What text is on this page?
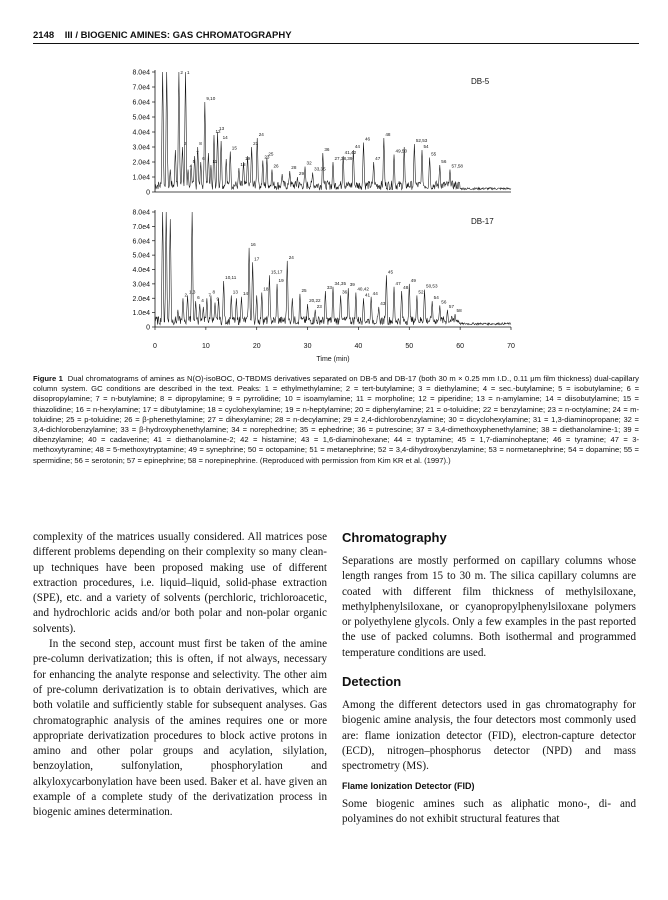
2148 III / BIOGENIC AMINES: GAS CHROMATOGRAPHY
0
1.0e4
2.0e4
3.0e4
4.0e4
5.0e4
6.0e4
7.0e4
8.0e4
DB-5
2
3
1
4
5
7
8
6
9,10
11
12
13
14
15
18
19
21
24
23
25
26	28
29
32
33,35
36
27,38,39
41,42
44
46
47
48
49,50
52,53
54
55
56
57,58
0
1.0e4
2.0e4
3.0e4
4.0e4
5.0e4
6.0e4
7.0e4
8.0e4
DB-17
2
1,3
6
4
7
8
9
10,11
13 14
16
17
18
15,17
19
24
25
20,22
23
33
34,35
36
39
40,42
41 44
43
45
47
48
49
52
50,53
54
56
57
58
0	10	20	30	40	50	60	70
Time (min)
Figure 1 Dual chromatograms of amines as N(O)-isoBOC, O-TBDMS derivatives separated on DB-5 and DB-17 (both 30 m × 0.25 mm I.D., 0.11 μm film thickness) dual-capillary column system. GC conditions are described in the text. Peaks: 1 = ethylmethylamine; 2 = tert-butylamine; 3 = diethylamine; 4 = sec.-butylamine; 5 = isobutylamine; 6 = diisopropylamine; 7 = n-butylamine; 8 = dipropylamine; 9 = pyrrolidine; 10 = isoamylamine; 11 = morpholine; 12 = piperidine; 13 = n-amylamine; 14 = diisobutylamine; 15 = thiazolidine; 16 = n-hexylamine; 17 = dibutylamine; 18 = cyclohexylamine; 19 = n-heptylamine; 20 = diphenylamine; 21 = o-toluidine; 22 = benzylamine; 23 = n-octylamine; 24 = m-toluidine; 25 = p-toluidine; 26 = β-phenethylamine; 27 = dihexylamine; 28 = n-decylamine; 29 = 2,4-dichlorobenzylamine; 30 = dicyclohexylamine; 31 = 1,3-diaminopropane; 32 = 3,4-dichlorobenzylamine; 33 = β-hydroxyphenethylamine; 34 = norephedrine; 35 = ephedrine; 36 = putrescine; 37 = 3,4-dimethoxyphenethylamine; 38 = diethanolamine-1; 39 = dibenzylamine; 40 = cadaverine; 41 = diethanolamine-2; 42 = histamine; 43 = 1,6-diaminohexane; 44 = tryptamine; 45 = 1,7-diaminoheptane; 46 = tyramine; 47 = 3-methoxytyramine; 48 = 5-methoxytryptamine; 49 = synephrine; 50 = octopamine; 51 = metanephrine; 52 = 3,4-dihydroxybenzylamine; 53 = normetanephrine; 54 = dopamine; 55 = spermidine; 56 = serotonin; 57 = epinephrine; 58 = norepinephrine. (Reproduced with permission from Kim KR et al. (1997).)

complexity of the matrices usually considered. All matrices pose different problems depending on their complexity so many clean-up techniques have been proposed making use of different extraction procedures, i.e. liquid–liquid, solid-phase extraction (SPE), etc. and a variety of solvents (perchloric, trichloroacetic, and hydrochloric acids and/or both polar and non-polar organic solvents).

In the second step, account must first be taken of the amine pre-column derivatization; this is often, if not always, necessary for enhancing the analyte response and selectivity. The other aim of pre-column derivatization is to obtain derivatives, which are both volatile and sufficiently stable for subsequent analyses. Gas chromatographic analysis of the amines requires one or more appropriate derivatization procedures to block active protons in amino and other polar groups and acylation, silylation, benzoylation, sulfonylation, phosphorylation and alkyloxycarbonylation have been used. Baker et al. have given an example of a complete study of the derivatization process in biogenic amines determination.

Chromatography

Separations are mostly performed on capillary columns whose length ranges from 15 to 30 m. The silica capillary columns are coated with different film thickness of methylsiloxane, methylphenylsiloxane, or cyanopropylphenylsiloxane polymers or polyethylene glycols. Only a few examples in the past reported the use of packed columns. Both isothermal and programmed temperature conditions are used.

Detection

Among the different detectors used in gas chromatography for biogenic amine analysis, the four detectors most commonly used are: flame ionization detector (FID), electron-capture detector (ECD), nitrogen–phosphorus detector (NPD) and mass spectrometry (MS).

Flame Ionization Detector (FID)

Some biogenic amines such as aliphatic mono-, di- and polyamines do not exhibit structural features that
